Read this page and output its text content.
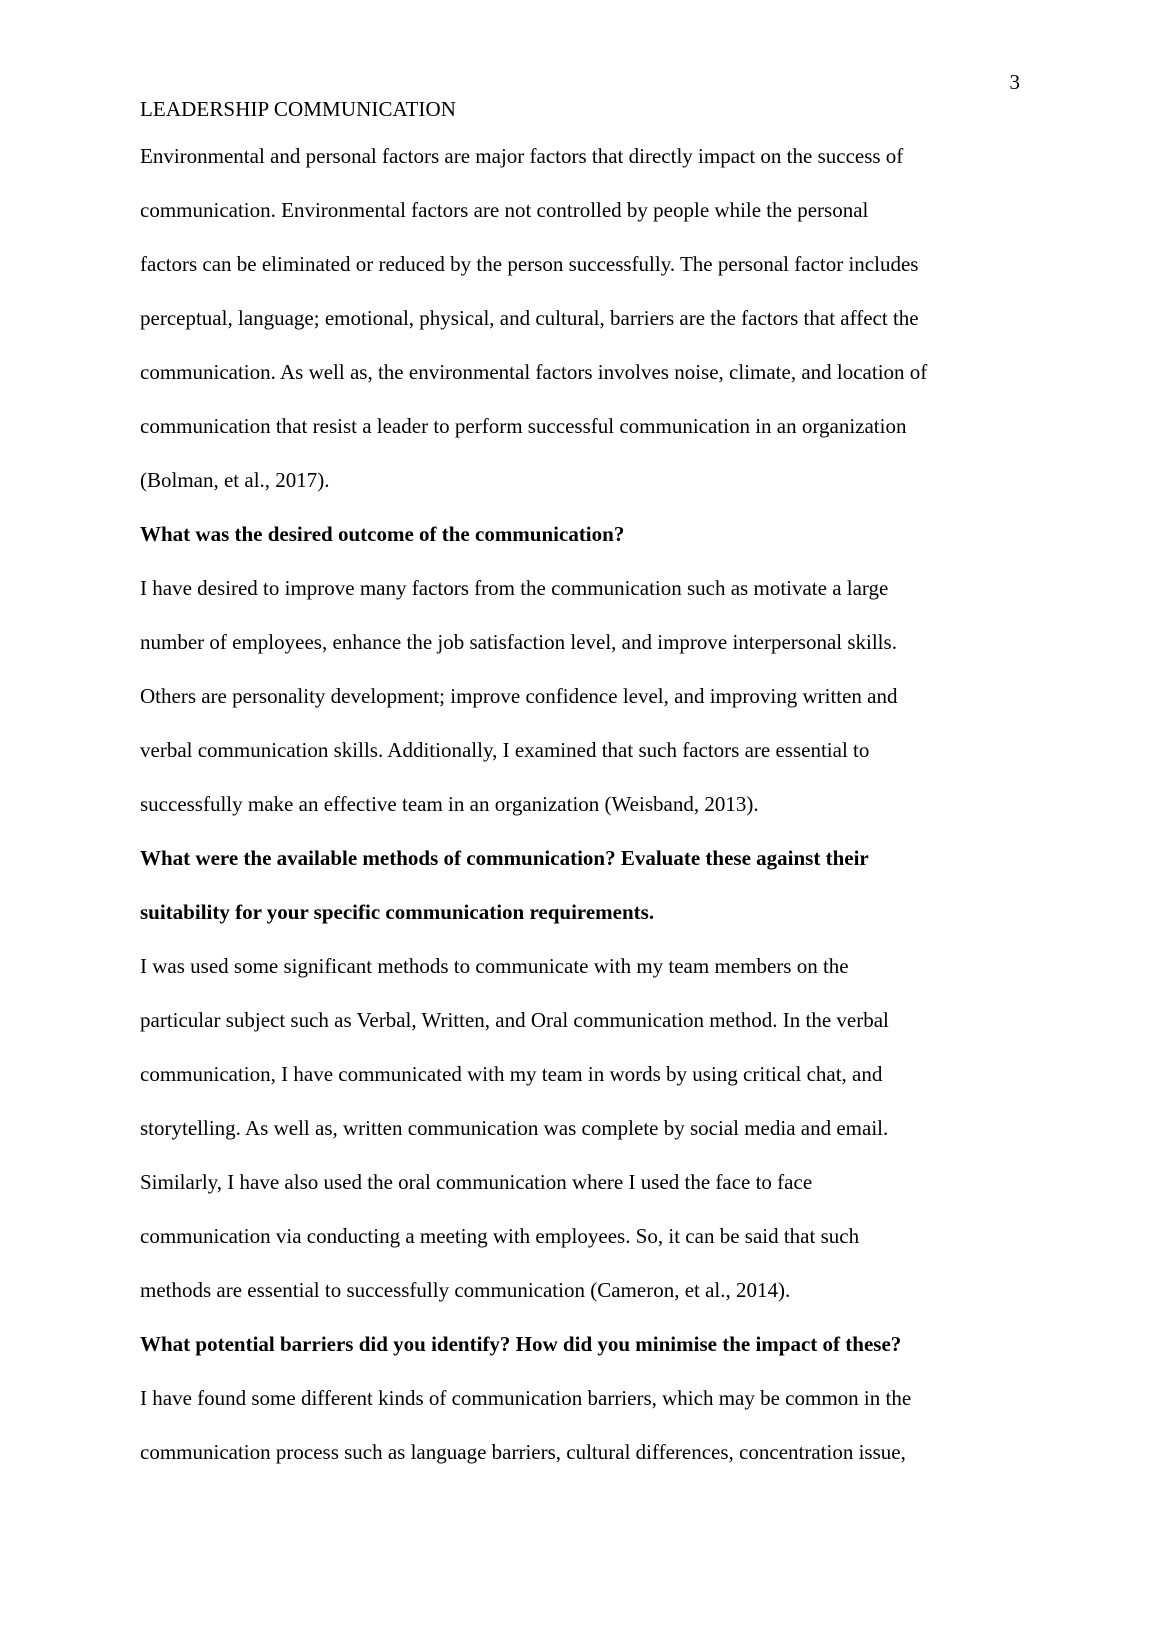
3
LEADERSHIP COMMUNICATION

Environmental and personal factors are major factors that directly impact on the success of
communication. Environmental factors are not controlled by people while the personal
factors can be eliminated or reduced by the person successfully. The personal factor includes
perceptual, language; emotional, physical, and cultural, barriers are the factors that affect the
communication. As well as, the environmental factors involves noise, climate, and location of
communication that resist a leader to perform successful communication in an organization
(Bolman, et al., 2017).

What was the desired outcome of the communication?

I have desired to improve many factors from the communication such as motivate a large
number of employees, enhance the job satisfaction level, and improve interpersonal skills.
Others are personality development; improve confidence level, and improving written and
verbal communication skills. Additionally, I examined that such factors are essential to
successfully make an effective team in an organization (Weisband, 2013).

What were the available methods of communication? Evaluate these against their
suitability for your specific communication requirements.

I was used some significant methods to communicate with my team members on the
particular subject such as Verbal, Written, and Oral communication method. In the verbal
communication, I have communicated with my team in words by using critical chat, and
storytelling. As well as, written communication was complete by social media and email.
Similarly, I have also used the oral communication where I used the face to face
communication via conducting a meeting with employees. So, it can be said that such
methods are essential to successfully communication (Cameron, et al., 2014).

What potential barriers did you identify? How did you minimise the impact of these?

I have found some different kinds of communication barriers, which may be common in the
communication process such as language barriers, cultural differences, concentration issue,
